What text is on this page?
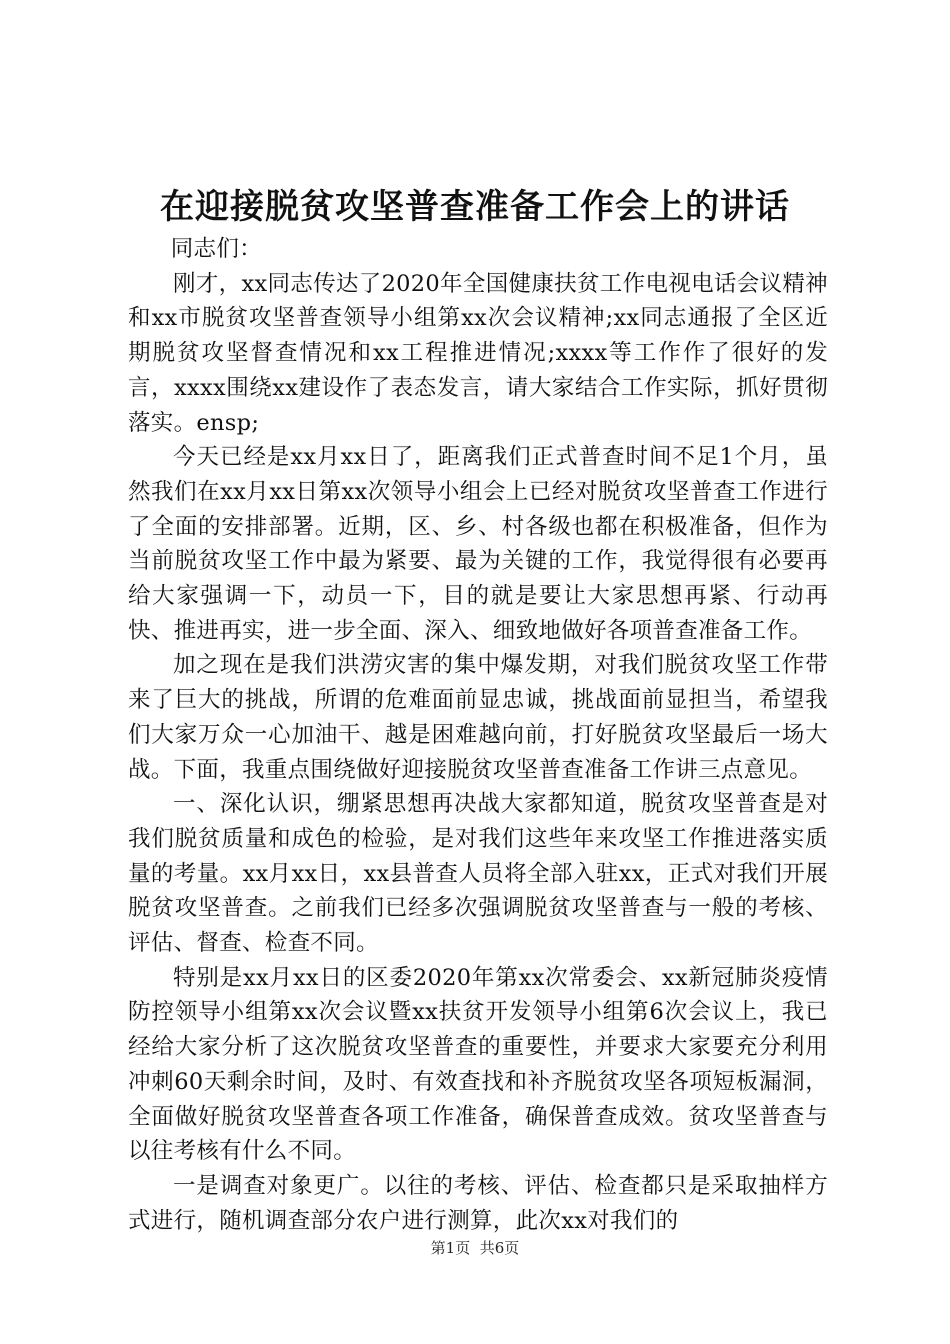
在迎接脱贫攻坚普查准备工作会上的讲话

同志们：

刚才，xx同志传达了2020年全国健康扶贫工作电视电话会议精神和xx市脱贫攻坚普查领导小组第xx次会议精神;xx同志通报了全区近期脱贫攻坚督查情况和xx工程推进情况;xxxx等工作作了很好的发言，xxxx围绕xx建设作了表态发言，请大家结合工作实际，抓好贯彻落实。ensp;

今天已经是xx月xx日了，距离我们正式普查时间不足1个月，虽然我们在xx月xx日第xx次领导小组会上已经对脱贫攻坚普查工作进行了全面的安排部署。近期，区、乡、村各级也都在积极准备，但作为当前脱贫攻坚工作中最为紧要、最为关键的工作，我觉得很有必要再给大家强调一下，动员一下，目的就是要让大家思想再紧、行动再快、推进再实，进一步全面、深入、细致地做好各项普查准备工作。

加之现在是我们洪涝灾害的集中爆发期，对我们脱贫攻坚工作带来了巨大的挑战，所谓的危难面前显忠诚，挑战面前显担当，希望我们大家万众一心加油干、越是困难越向前，打好脱贫攻坚最后一场大战。下面，我重点围绕做好迎接脱贫攻坚普查准备工作讲三点意见。

一、深化认识，绷紧思想再决战大家都知道，脱贫攻坚普查是对我们脱贫质量和成色的检验，是对我们这些年来攻坚工作推进落实质量的考量。xx月xx日，xx县普查人员将全部入驻xx，正式对我们开展脱贫攻坚普查。之前我们已经多次强调脱贫攻坚普查与一般的考核、评估、督查、检查不同。

特别是xx月xx日的区委2020年第xx次常委会、xx新冠肺炎疫情防控领导小组第xx次会议暨xx扶贫开发领导小组第6次会议上，我已经给大家分析了这次脱贫攻坚普查的重要性，并要求大家要充分利用冲刺60天剩余时间，及时、有效查找和补齐脱贫攻坚各项短板漏洞，全面做好脱贫攻坚普查各项工作准备，确保普查成效。贫攻坚普查与以往考核有什么不同。

一是调查对象更广。以往的考核、评估、检查都只是采取抽样方式进行，随机调查部分农户进行测算，此次xx对我们的

第1页 共6页
